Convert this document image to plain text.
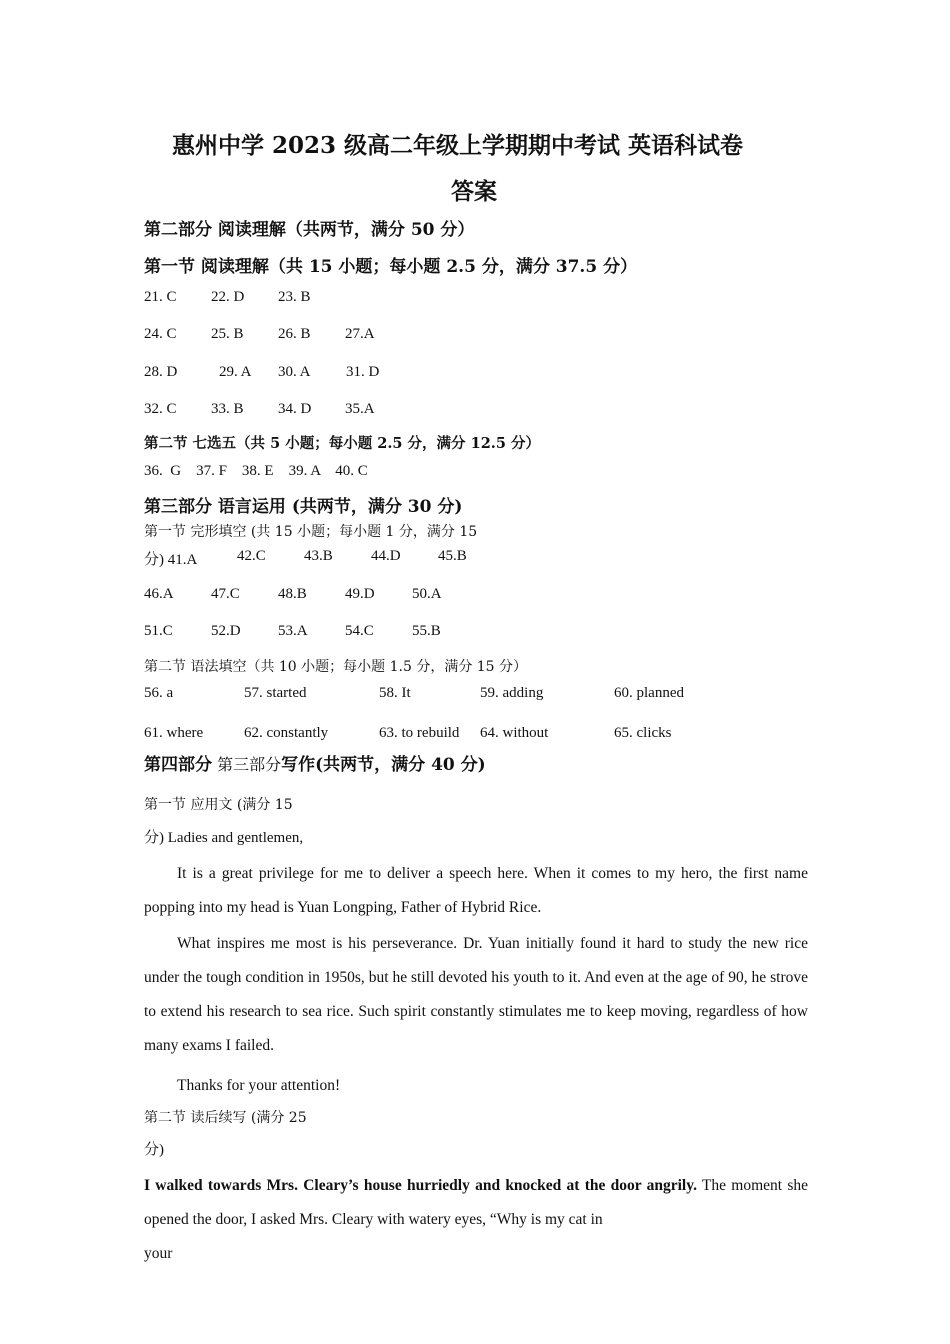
惠州中学 2023 级高二年级上学期期中考试 英语科试卷
答案
第二部分 阅读理解（共两节，满分 50 分）
第一节 阅读理解（共 15 小题；每小题 2.5 分，满分 37.5 分）
21. C 22. D 23. B
24. C 25. B 26. B 27.A
28. D	29. A 30. A 31. D
32. C 33. B 34. D 35.A
第二节 七选五（共 5 小题；每小题 2.5 分，满分 12.5 分）
36.  G    37. F    38. E    39. A    40. C
第三部分 语言运用 (共两节，满分 30 分)
第一节 完形填空 (共 15 小题；每小题 1 分，满分 15
分) 41.A	42.C	43.B	44.D 45.B
46.A 47.C	48.B	49.D 50.A
51.C	52.D 53.A 54.C	55.B
第二节 语法填空（共 10 小题；每小题 1.5 分，满分 15 分）
56. a	57. started	58. It	59. adding	60. planned
61. where	62. constantly	63. to rebuild 64. without	65. clicks
第四部分 第三部分写作(共两节，满分 40 分)
第一节 应用文 (满分 15
分) Ladies and gentlemen,
It is a great privilege for me to deliver a speech here. When it comes to my hero, the first name popping into my head is Yuan Longping, Father of Hybrid Rice.
What inspires me most is his perseverance. Dr. Yuan initially found it hard to study the new rice under the tough condition in 1950s, but he still devoted his youth to it. And even at the age of 90, he strove to extend his research to sea rice. Such spirit constantly stimulates me to keep moving, regardless of how many exams I failed.
Thanks for your attention!
第二节 读后续写 (满分 25
分)
I walked towards Mrs. Cleary’s house hurriedly and knocked at the door angrily. The moment she opened the door, I asked Mrs. Cleary with watery eyes, “Why is my cat in
your
